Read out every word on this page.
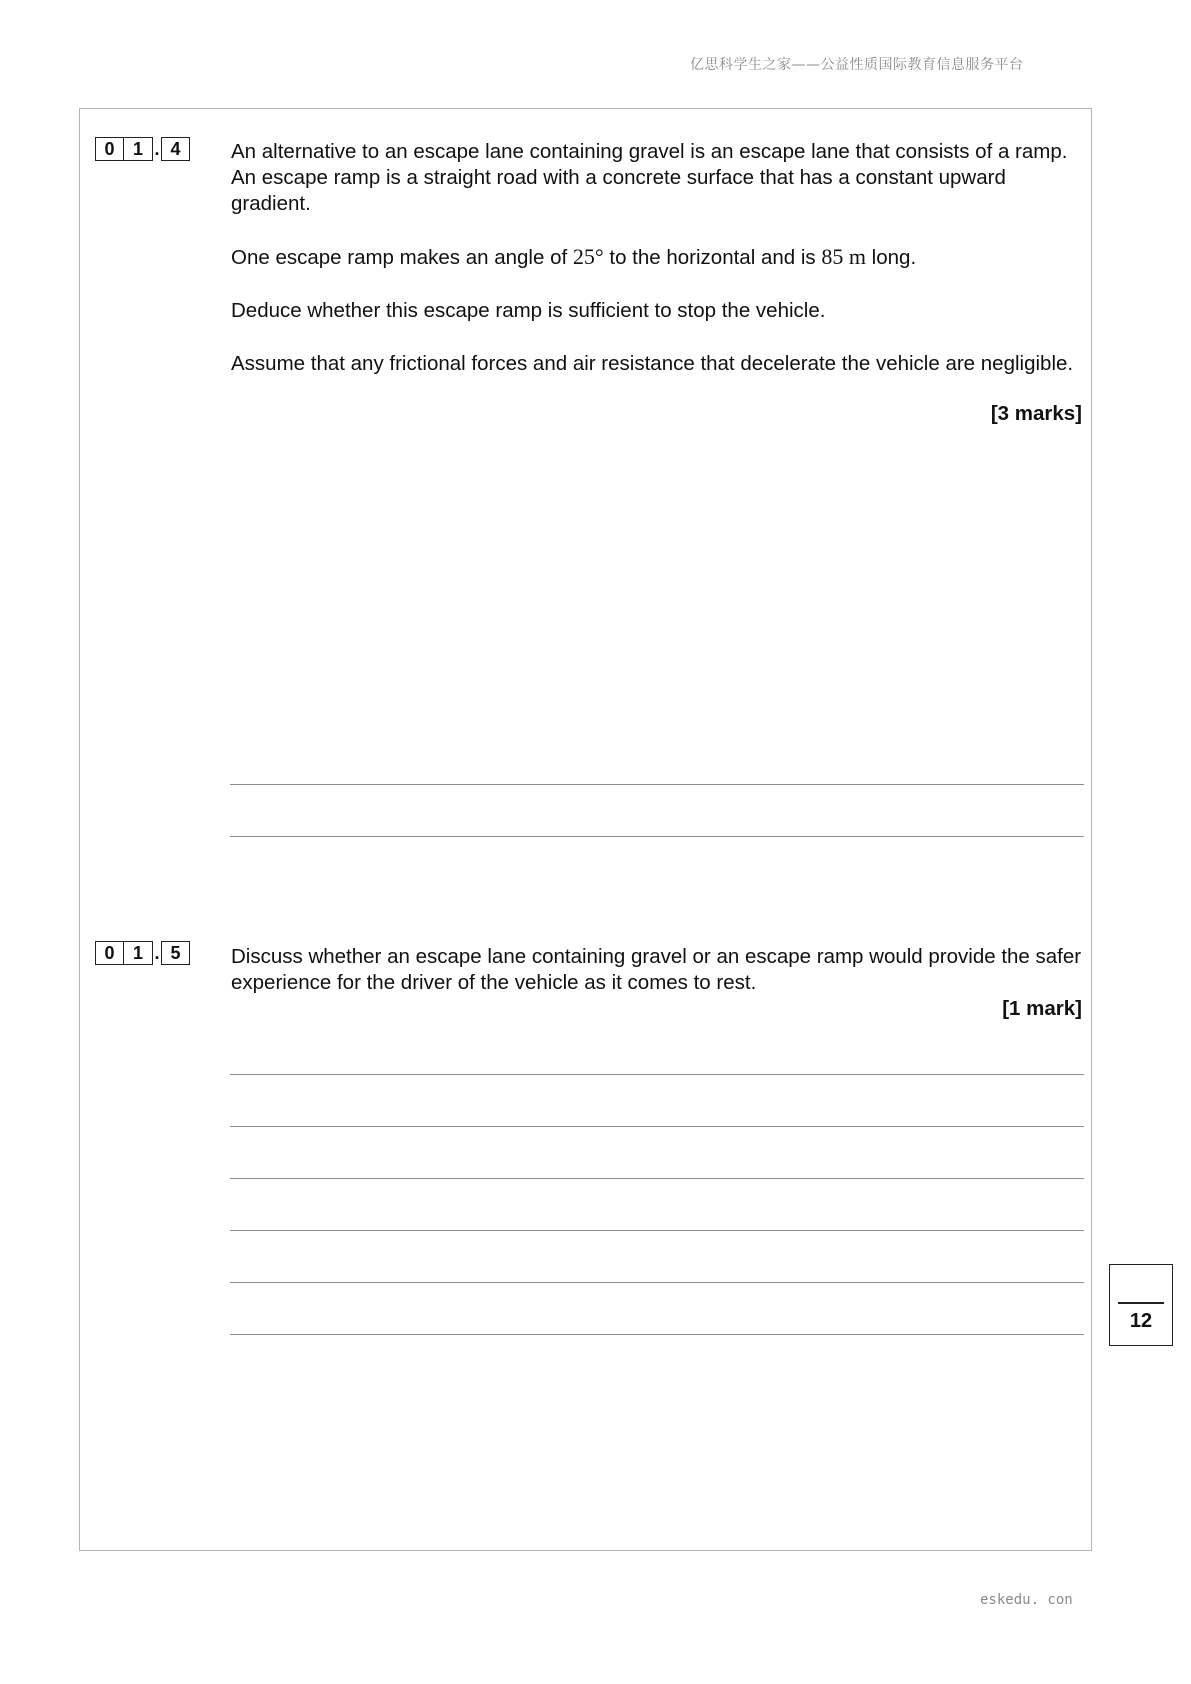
亿思科学生之家——公益性质国际教育信息服务平台
0	1 . 4	An alternative to an escape lane containing gravel is an escape lane that consists of a ramp. An escape ramp is a straight road with a concrete surface that has a constant upward gradient.

One escape ramp makes an angle of 25° to the horizontal and is 85 m long.

Deduce whether this escape ramp is sufficient to stop the vehicle.

Assume that any frictional forces and air resistance that decelerate the vehicle are negligible.

[3 marks]
0	1 . 5	Discuss whether an escape lane containing gravel or an escape ramp would provide the safer experience for the driver of the vehicle as it comes to rest.

[1 mark]
12
eskedu. con
